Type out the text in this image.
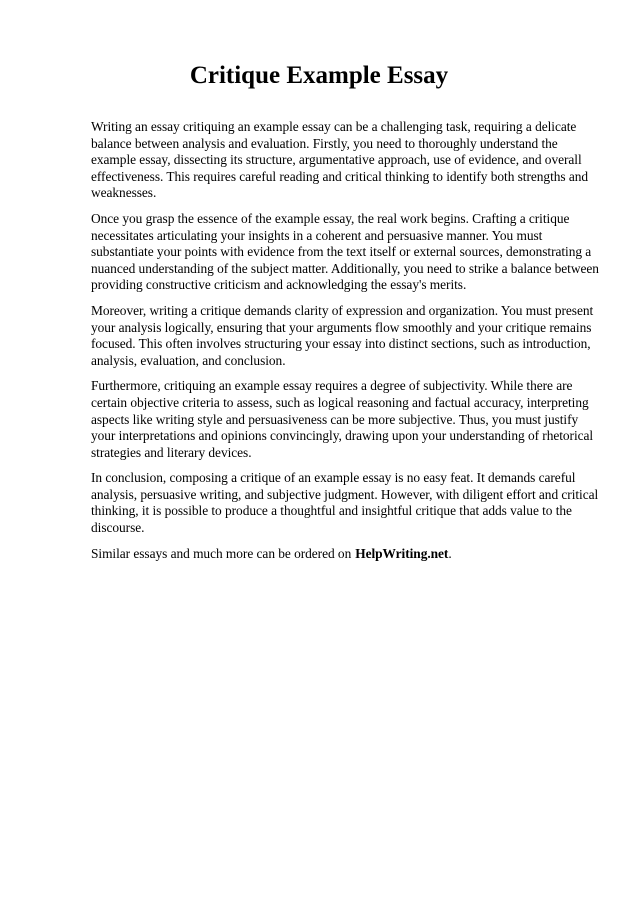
Critique Example Essay

Writing an essay critiquing an example essay can be a challenging task, requiring a delicate balance between analysis and evaluation. Firstly, you need to thoroughly understand the example essay, dissecting its structure, argumentative approach, use of evidence, and overall effectiveness. This requires careful reading and critical thinking to identify both strengths and weaknesses.

Once you grasp the essence of the example essay, the real work begins. Crafting a critique necessitates articulating your insights in a coherent and persuasive manner. You must substantiate your points with evidence from the text itself or external sources, demonstrating a nuanced understanding of the subject matter. Additionally, you need to strike a balance between providing constructive criticism and acknowledging the essay's merits.

Moreover, writing a critique demands clarity of expression and organization. You must present your analysis logically, ensuring that your arguments flow smoothly and your critique remains focused. This often involves structuring your essay into distinct sections, such as introduction, analysis, evaluation, and conclusion.

Furthermore, critiquing an example essay requires a degree of subjectivity. While there are certain objective criteria to assess, such as logical reasoning and factual accuracy, interpreting aspects like writing style and persuasiveness can be more subjective. Thus, you must justify your interpretations and opinions convincingly, drawing upon your understanding of rhetorical strategies and literary devices.

In conclusion, composing a critique of an example essay is no easy feat. It demands careful analysis, persuasive writing, and subjective judgment. However, with diligent effort and critical thinking, it is possible to produce a thoughtful and insightful critique that adds value to the discourse.

Similar essays and much more can be ordered on HelpWriting.net.
